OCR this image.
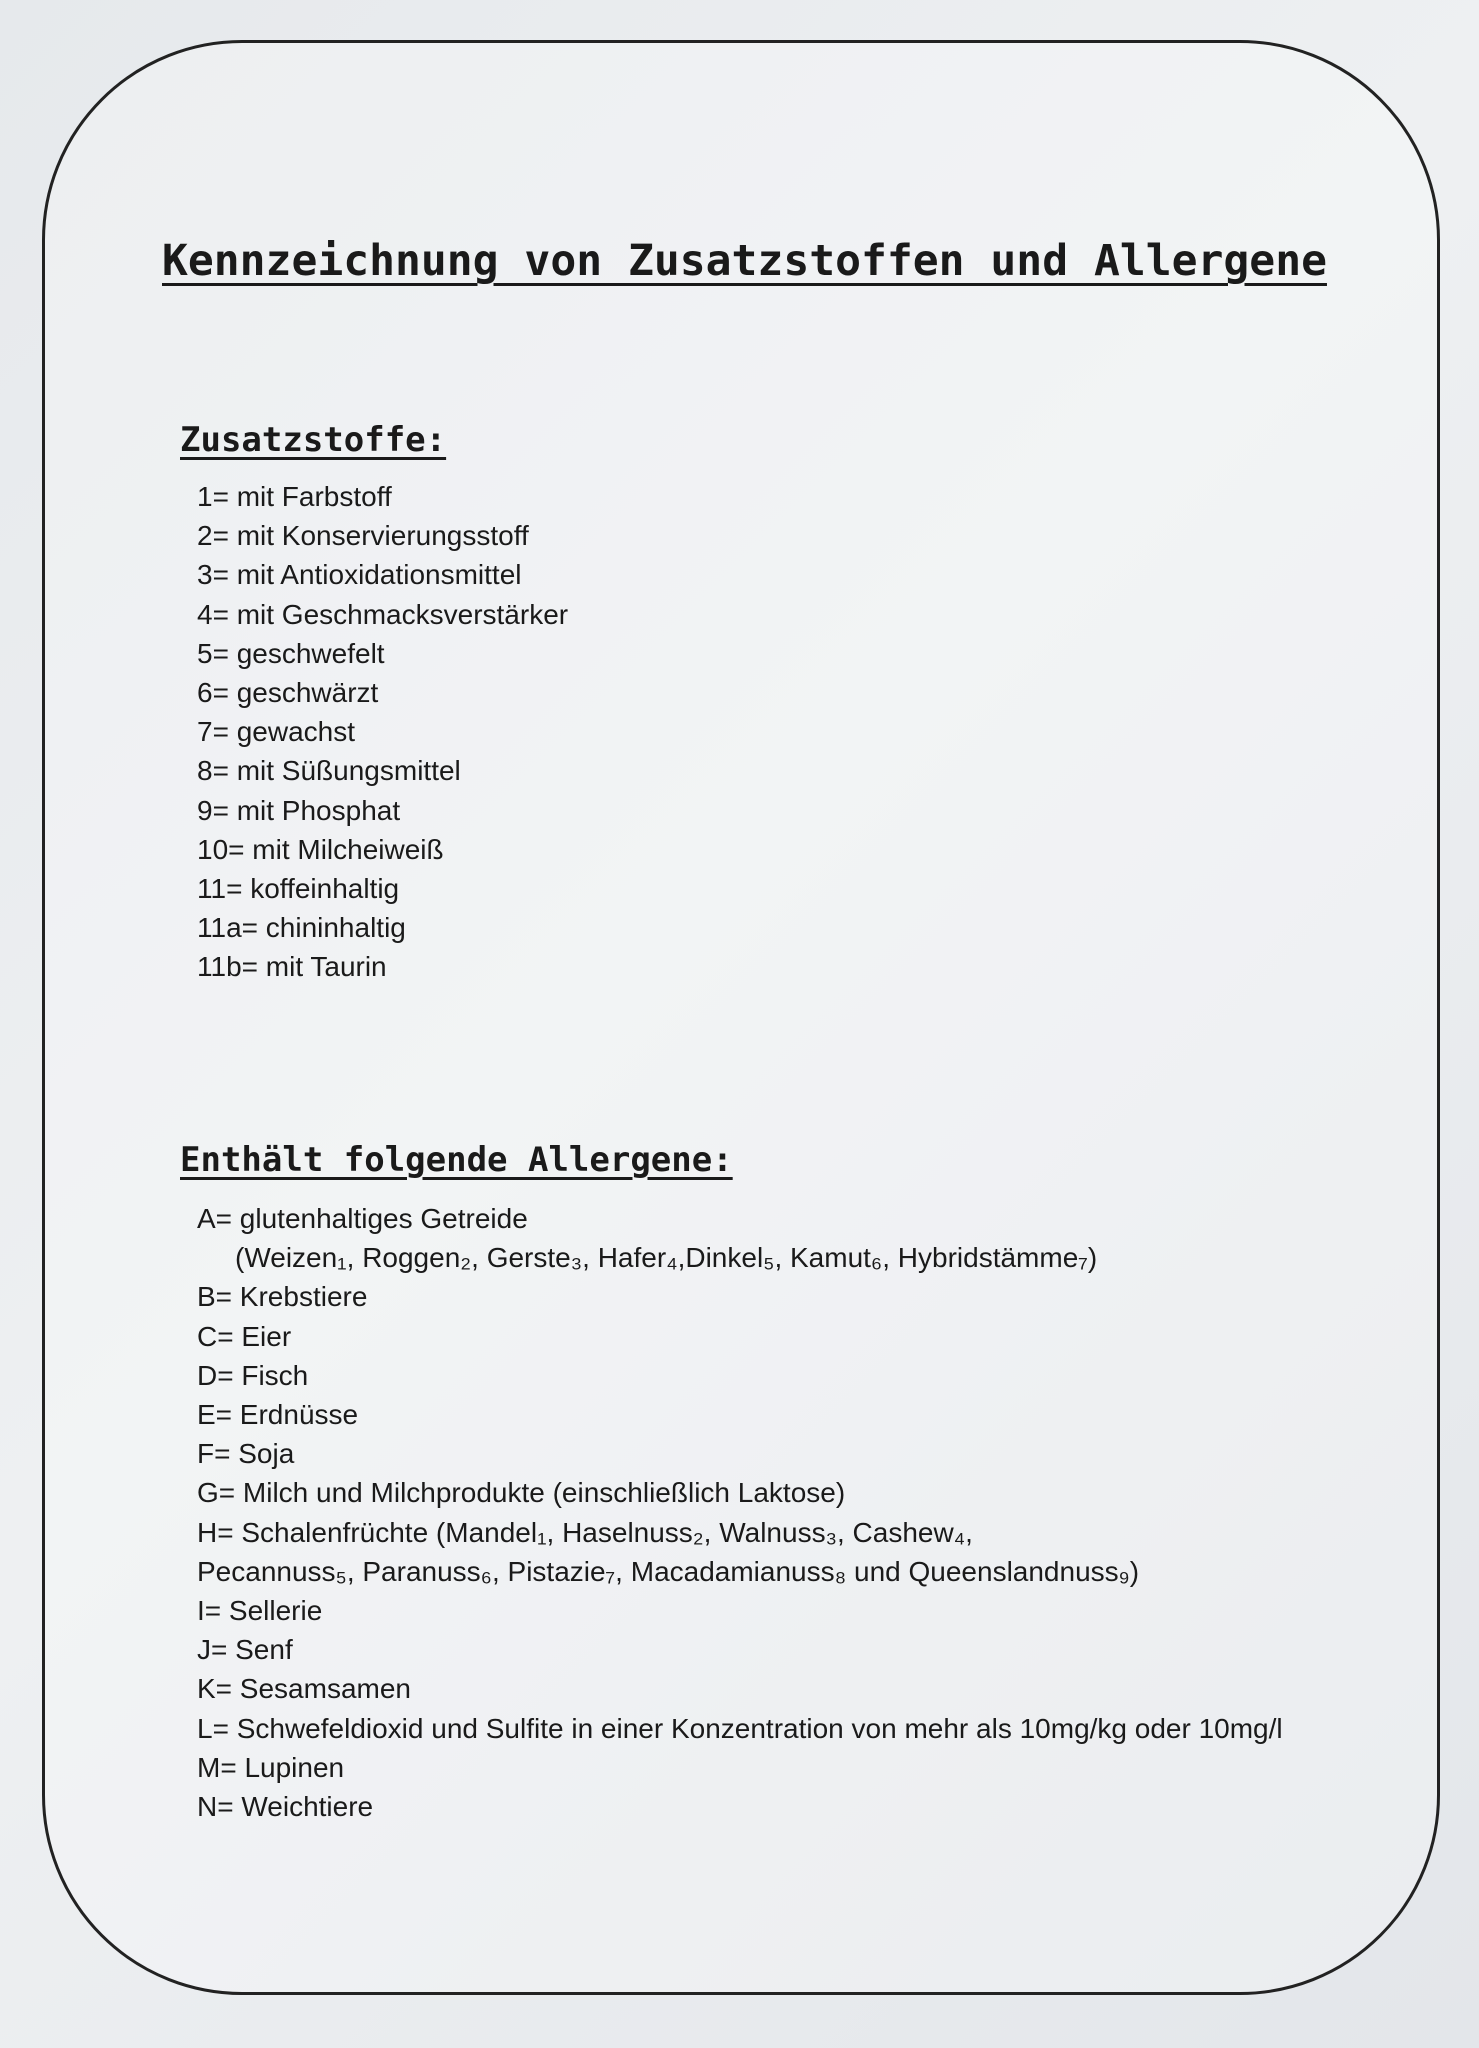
Kennzeichnung von Zusatzstoffen und Allergene
Zusatzstoffe:
1= mit Farbstoff
2= mit Konservierungsstoff
3= mit Antioxidationsmittel
4= mit Geschmacksverstärker
5= geschwefelt
6= geschwärzt
7= gewachst
8= mit Süßungsmittel
9= mit Phosphat
10= mit Milcheiweiß
11= koffeinhaltig
11a= chininhaltig
11b= mit Taurin
Enthält folgende Allergene:
A= glutenhaltiges Getreide
(Weizen₁, Roggen₂, Gerste₃, Hafer₄,Dinkel₅, Kamut₆, Hybridstämme₇)
B= Krebstiere
C= Eier
D= Fisch
E= Erdnüsse
F= Soja
G= Milch und Milchprodukte (einschließlich Laktose)
H= Schalenfrüchte (Mandel₁, Haselnuss₂, Walnuss₃, Cashew₄,
Pecannuss₅, Paranuss₆, Pistazie₇, Macadamianuss₈ und Queenslandnuss₉)
I= Sellerie
J= Senf
K= Sesamsamen
L= Schwefeldioxid und Sulfite in einer Konzentration von mehr als 10mg/kg oder 10mg/l
M= Lupinen
N= Weichtiere
